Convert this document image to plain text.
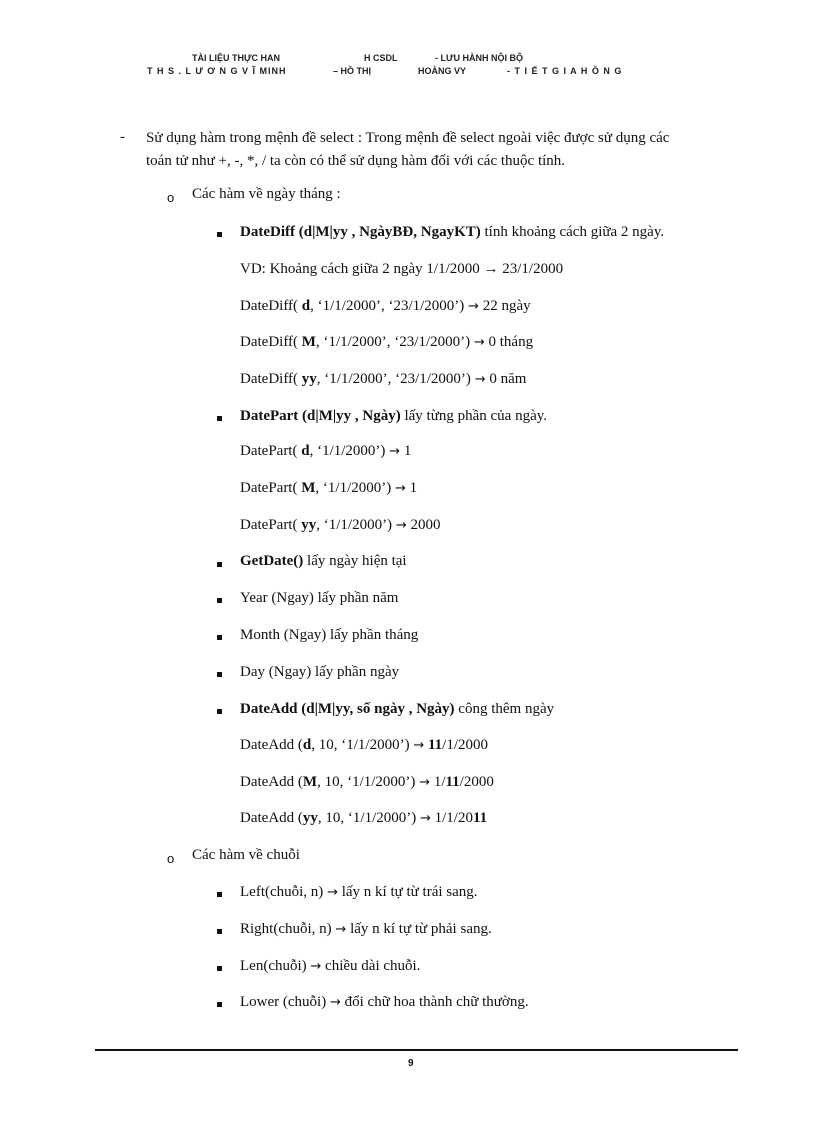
TÀI LIỆU THỰC HAN	H CSDL	- LƯU HÀNH NỘI BỘ
T H S . L Ư Ơ N G V Ĩ MINH	– HỒ THỊ	HOÀNG VY	- T I Ế T G I A H Ồ N G
- Sử dụng hàm trong mệnh đề select : Trong mệnh đề select ngoài việc được sử dụng các
toán tử như +, -, *, / ta còn có thể sử dụng hàm đối với các thuộc tính.
o Các hàm về ngày tháng :
DateDiff (d|M|yy , NgàyBĐ, NgayKT) tính khoảng cách giữa 2 ngày.
VD: Khoảng cách giữa 2 ngày 1/1/2000 → 23/1/2000
DateDiff( d, ‘1/1/2000’, ‘23/1/2000’) → 22 ngày
DateDiff( M, ‘1/1/2000’, ‘23/1/2000’) → 0 tháng
DateDiff( yy, ‘1/1/2000’, ‘23/1/2000’) → 0 năm
DatePart (d|M|yy , Ngày) lấy từng phần của ngày.
DatePart( d, ‘1/1/2000’) → 1
DatePart( M, ‘1/1/2000’) → 1
DatePart( yy, ‘1/1/2000’) → 2000
GetDate() lấy ngày hiện tại
Year (Ngay) lấy phần năm
Month (Ngay) lấy phần tháng
Day (Ngay) lấy phần ngày
DateAdd (d|M|yy, số ngày , Ngày) công thêm ngày
DateAdd (d, 10, ‘1/1/2000’) → 11/1/2000
DateAdd (M, 10, ‘1/1/2000’) → 1/11/2000
DateAdd (yy, 10, ‘1/1/2000’) → 1/1/2011
o Các hàm về chuỗi
Left(chuỗi, n) → lấy n kí tự từ trái sang.
Right(chuỗi, n) → lấy n kí tự từ phải sang.
Len(chuỗi) → chiều dài chuỗi.
Lower (chuỗi) → đổi chữ hoa thành chữ thường.
9
